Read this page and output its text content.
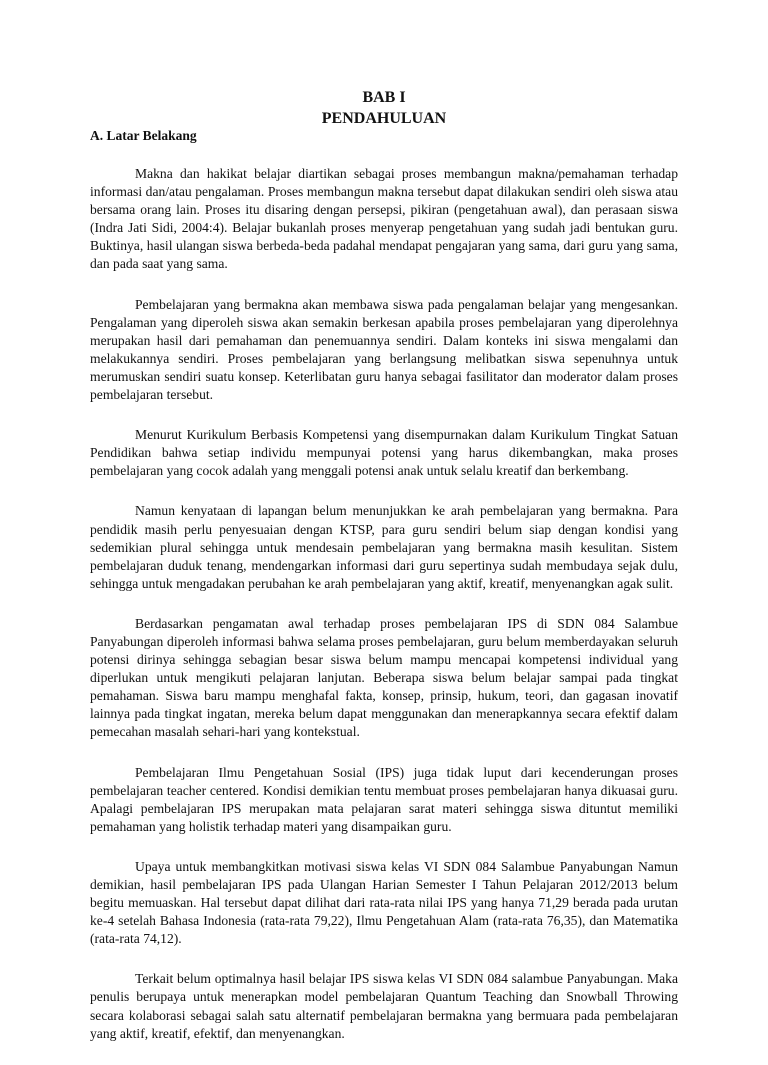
BAB I
PENDAHULUAN
A. Latar Belakang

Makna dan hakikat belajar diartikan sebagai proses membangun makna/pemahaman terhadap informasi dan/atau pengalaman. Proses membangun makna tersebut dapat dilakukan sendiri oleh siswa atau bersama orang lain. Proses itu disaring dengan persepsi, pikiran (pengetahuan awal), dan perasaan siswa (Indra Jati Sidi, 2004:4). Belajar bukanlah proses menyerap pengetahuan yang sudah jadi bentukan guru. Buktinya, hasil ulangan siswa berbeda-beda padahal mendapat pengajaran yang sama, dari guru yang sama, dan pada saat yang sama.

Pembelajaran yang bermakna akan membawa siswa pada pengalaman belajar yang mengesankan. Pengalaman yang diperoleh siswa akan semakin berkesan apabila proses pembelajaran yang diperolehnya merupakan hasil dari pemahaman dan penemuannya sendiri. Dalam konteks ini siswa mengalami dan melakukannya sendiri. Proses pembelajaran yang berlangsung melibatkan siswa sepenuhnya untuk merumuskan sendiri suatu konsep. Keterlibatan guru hanya sebagai fasilitator dan moderator dalam proses pembelajaran tersebut.

Menurut Kurikulum Berbasis Kompetensi yang disempurnakan dalam Kurikulum Tingkat Satuan Pendidikan bahwa setiap individu mempunyai potensi yang harus dikembangkan, maka proses pembelajaran yang cocok adalah yang menggali potensi anak untuk selalu kreatif dan berkembang.

Namun kenyataan di lapangan belum menunjukkan ke arah pembelajaran yang bermakna. Para pendidik masih perlu penyesuaian dengan KTSP, para guru sendiri belum siap dengan kondisi yang sedemikian plural sehingga untuk mendesain pembelajaran yang bermakna masih kesulitan. Sistem pembelajaran duduk tenang, mendengarkan informasi dari guru sepertinya sudah membudaya sejak dulu, sehingga untuk mengadakan perubahan ke arah pembelajaran yang aktif, kreatif, menyenangkan agak sulit.

Berdasarkan pengamatan awal terhadap proses pembelajaran IPS di SDN 084 Salambue Panyabungan diperoleh informasi bahwa selama proses pembelajaran, guru belum memberdayakan seluruh potensi dirinya sehingga sebagian besar siswa belum mampu mencapai kompetensi individual yang diperlukan untuk mengikuti pelajaran lanjutan. Beberapa siswa belum belajar sampai pada tingkat pemahaman. Siswa baru mampu menghafal fakta, konsep, prinsip, hukum, teori, dan gagasan inovatif lainnya pada tingkat ingatan, mereka belum dapat menggunakan dan menerapkannya secara efektif dalam pemecahan masalah sehari-hari yang kontekstual.

Pembelajaran Ilmu Pengetahuan Sosial (IPS) juga tidak luput dari kecenderungan proses pembelajaran teacher centered. Kondisi demikian tentu membuat proses pembelajaran hanya dikuasai guru. Apalagi pembelajaran IPS merupakan mata pelajaran sarat materi sehingga siswa dituntut memiliki pemahaman yang holistik terhadap materi yang disampaikan guru.

Upaya untuk membangkitkan motivasi siswa kelas VI SDN 084 Salambue Panyabungan Namun demikian, hasil pembelajaran IPS pada Ulangan Harian Semester I Tahun Pelajaran 2012/2013 belum begitu memuaskan. Hal tersebut dapat dilihat dari rata-rata nilai IPS yang hanya 71,29 berada pada urutan ke-4 setelah Bahasa Indonesia (rata-rata 79,22), Ilmu Pengetahuan Alam (rata-rata 76,35), dan Matematika (rata-rata 74,12).

Terkait belum optimalnya hasil belajar IPS siswa kelas VI SDN 084 salambue Panyabungan. Maka penulis berupaya untuk menerapkan model pembelajaran Quantum Teaching dan Snowball Throwing secara kolaborasi sebagai salah satu alternatif pembelajaran bermakna yang bermuara pada pembelajaran yang aktif, kreatif, efektif, dan menyenangkan.
